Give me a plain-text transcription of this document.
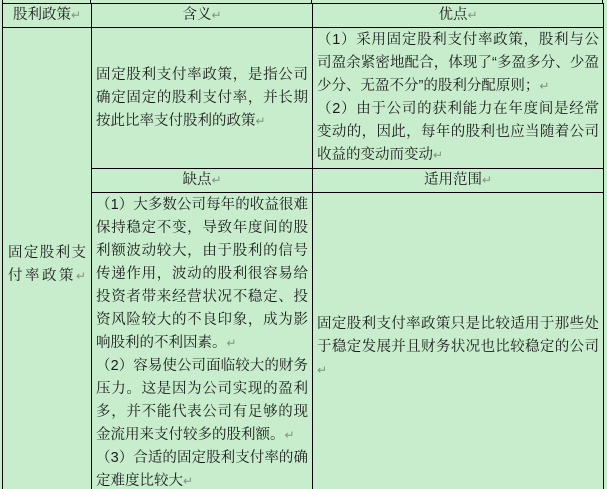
股利政策↵	含义↵	优点↵

固定股利支付率政策↵	固定股利支付率政策，是指公司确定固定的股利支付率，并长期按此比率支付股利的政策↵	（1）采用固定股利支付率政策，股利与公司盈余紧密地配合，体现了“多盈多分、少盈少分、无盈不分”的股利分配原则；↵

（2）由于公司的获利能力在年度间是经常变动的，因此，每年的股利也应当随着公司收益的变动而变动↵

	缺点↵	适用范围↵

	（1）大多数公司每年的收益很难保持稳定不变，导致年度间的股利额波动较大，由于股利的信号传递作用，波动的股利很容易给投资者带来经营状况不稳定、投资风险较大的不良印象，成为影响股利的不利因素。↵

（2）容易使公司面临较大的财务压力。这是因为公司实现的盈利多，并不能代表公司有足够的现金流用来支付较多的股利额。↵

（3）合适的固定股利支付率的确定难度比较大↵	固定股利支付率政策只是比较适用于那些处于稳定发展并且财务状况也比较稳定的公司↵
